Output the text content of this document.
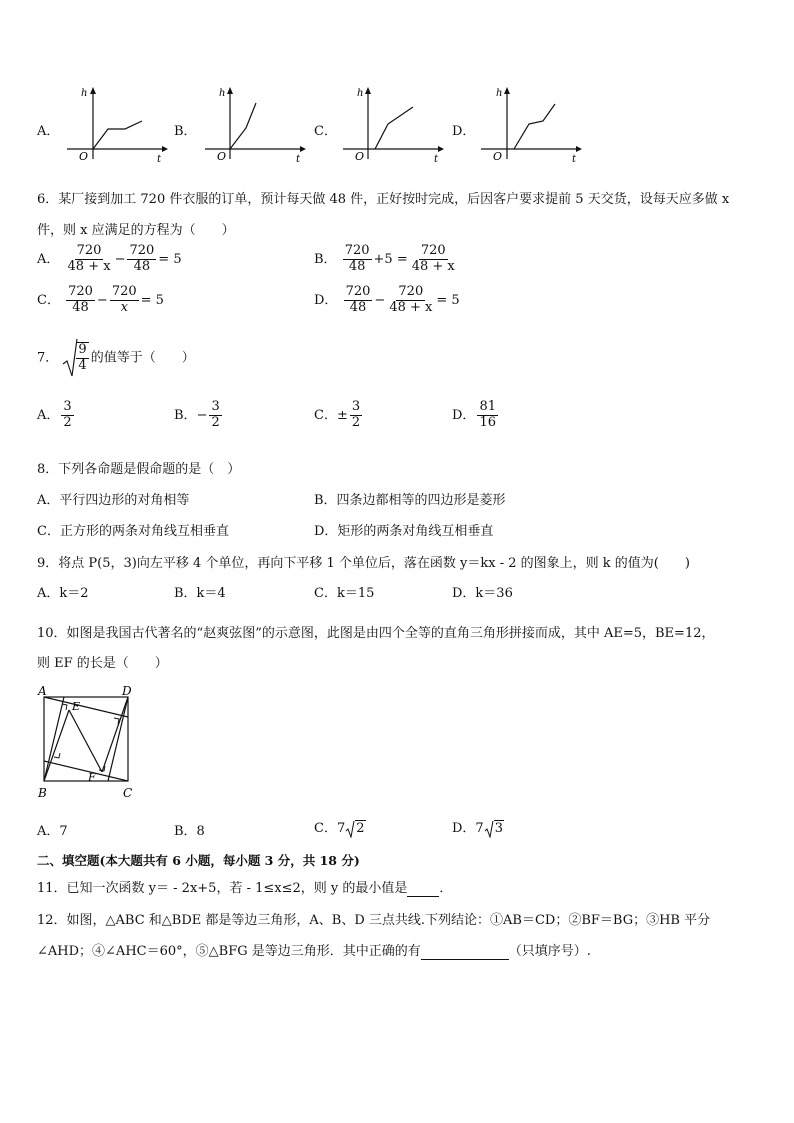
A．
h
O	t
B．
h
O	t
C．
h
O	t
D．
h
O	t
6．某厂接到加工 720 件衣服的订单，预计每天做 48 件，正好按时完成，后因客户要求提前 5 天交货，设每天应多做 x
件，则 x 应满足的方程为（　　）
A． $\frac{720}{48 + x} - \frac{720}{48} = 5$	B． $\frac{720}{48} +5 = \frac{720}{48 + x}$
C． $\frac{720}{48} - \frac{720}{x} = 5$	D． $\frac{720}{48} - \frac{720}{48 + x} = 5$
7． $\frac{9}{4}$ 的值等于（　　）
A． $\frac{3}{2}$	B．− $\frac{3}{2}$	C．± $\frac{3}{2}$	D． $\frac{81}{16}$
8．下列各命题是假命题的是（　）
A．平行四边形的对角相等	B．四条边都相等的四边形是菱形
C．正方形的两条对角线互相垂直	D．矩形的两条对角线互相垂直
9．将点 P(5，3)向左平移 4 个单位，再向下平移 1 个单位后，落在函数 y＝kx - 2 的图象上，则 k 的值为(　　)
A．k＝2	B．k＝4	C．k＝15	D．k＝36
10．如图是我国古代著名的“赵爽弦图”的示意图，此图是由四个全等的直角三角形拼接而成，其中 AE=5，BE=12，
则 EF 的长是（　　）
A	D
B	C
E
F
A．7	B．8	C．7 2	D．7 3
二、填空题(本大题共有 6 小题，每小题 3 分，共 18 分)
11．已知一次函数 y＝ - 2x+5，若 - 1≤x≤2，则 y 的最小值是 ．
12．如图，△ABC 和△BDE 都是等边三角形，A、B、D 三点共线.下列结论：①AB＝CD；②BF＝BG；③HB 平分
∠AHD；④∠AHC＝60°，⑤△BFG 是等边三角形．其中正确的有	（只填序号）.
